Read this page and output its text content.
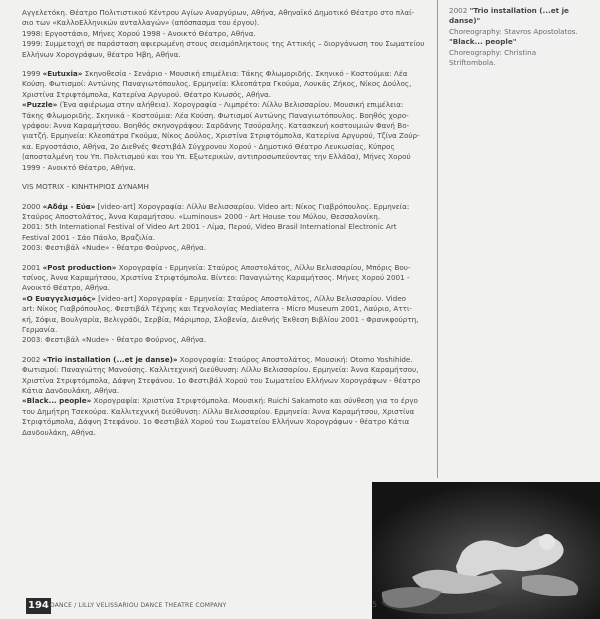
Αγγελετόκη. Θέατρο Πολιτιστικού Κέντρου Αγίων Αναργύρων, Αθήνα, Αθηναϊκό Δημοτικό Θέατρο στο πλαί-
σιο των «ΚαλλοΕλληνικών ανταλλαγών» (απόσπασμα του έργου).
1998: Εργοστάσιο, Μήνες Χορού 1998 - Ανοικτό Θέατρο, Αθήνα.
1999: Συμμετοχή σε παράσταση αφιερωμένη στους σεισμόπληκτους της Αττικής – διοργάνωση του Σωματείου
Ελλήνων Χορογράφων, θέατρο Ήβη, Αθήνα.

1999 «Eutuxia» Σκηνοθεσία - Σενάριο - Μουσική επιμέλεια: Τάκης Φλωμοριδής. Σκηνικό - Κοστούμια: Λέα
Κούση. Φωτισμοί: Αντώνης Παναγιωτόπουλος. Ερμηνεία: Κλεοπάτρα Γκούμα, Λουκάς Ζήκος, Νίκος Δούλος,
Χριστίνα Στριφτόμπολα, Κατερίνα Αργυρού. Θέατρο Κνωσός, Αθήνα.
«Puzzle» (Ένα αφιέρωμα στην αλήθεια). Χορογραφία - Λιμπρέτο: Λίλλυ Βελισσαρίου. Μουσική επιμέλεια:
Τάκης Φλωμοριδής. Σκηνικά - Κοστούμια: Λέα Κούση. Φωτισμοί Αντώνης Παναγιωτόπουλος. Βοηθός χορο-
γράφου: Άννα Καραμήτσου. Βοηθός σκηνογράφου: Σαρδάνης Τσούραλης. Κατασκευή κοστουμιών Φανή Βο-
γιατζή. Ερμηνεία: Κλεοπάτρα Γκούμα, Νίκος Δούλος, Χριστίνα Στριφτόμπολα, Κατερίνα Αργυρού, Τζίνα Ζούρ-
κα. Εργοστάσιο, Αθήνα, 2ο Διεθνές Φεστιβάλ Σύγχρονου Χορού - Δημοτικό Θέατρο Λευκωσίας, Κύπρος
(αποσταλμένη του Υπ. Πολιτισμού και του Υπ. Εξωτερικών, αντιπροσωπεύοντας την Ελλάδα), Μήνες Χορού
1999 - Ανοικτό Θέατρο, Αθήνα.

VIS MOTRIX - ΚΙΝΗΤΗΡΙΟΣ ΔΥΝΑΜΗ

2000 «Αδάμ - Εύα» [video-art] Χορογραφία: Λίλλυ Βελισσαρίου. Video art: Νίκος Γιαβρόπουλος. Ερμηνεία:
Σταύρος Αποστολάτος, Άννα Καραμήτσου. «Luminous» 2000 - Art House του Μύλου, Θεσσαλονίκη.
2001: 5th International Festival of Video Art 2001 - Λίμα, Περού, Video Brasil International Electronic Art
Festival 2001 - Σάο Πάολο, Βραζιλία.
2003: Φεστιβάλ «Nude» - θέατρο Φούρνος, Αθήνα.

2001 «Post production» Χορογραφία - Ερμηνεία: Σταύρος Αποστολάτος, Λίλλυ Βελισσαρίου, Μπόρις Βου-
τσίνος, Άννα Καραμήτσου, Χριστίνα Στριφτόμπολα. Βίντεο: Παναγιώτης Καραμήτσος. Μήνες Χορού 2001 -
Ανοικτό Θέατρο, Αθήνα.
«Ο Ευαγγελισμός» [video-art] Χορογραφία - Ερμηνεία: Σταύρος Αποστολάτος, Λίλλυ Βελισσαρίου. Video
art: Νίκος Γιαβρόπουλος. Φεστιβάλ Τέχνης και Τεχνολογίας Mediaterra - Micro Museum 2001, Λαύριο, Αττι-
κή, Σόφια, Βουλγαρία, Βελιγράδι, Σερβία, Μάριμπορ, Σλοβενία, Διεθνής Έκθεση Βιβλίου 2001 - Φρανκφούρτη,
Γερμανία.
2003: Φεστιβάλ «Nude» - θέατρο Φούρνος, Αθήνα.

2002 «Trio installation (...et je danse)» Χορογραφία: Σταύρος Αποστολάτος. Μουσική: Otomo Yoshihide.
Φωτισμοί: Παναγιώτης Μανούσης. Καλλιτεχνική διεύθυνση: Λίλλυ Βελισσαρίου. Ερμηνεία: Άννα Καραμήτσου,
Χριστίνα Στριφτόμπολα, Δάφνη Στεφάνου. 1ο Φεστιβάλ Χορού του Σωματείου Ελλήνων Χορογράφων - θέατρο
Κάτια Δανδουλάκη, Αθήνα.
«Black... people» Χορογραφία: Χριστίνα Στριφτόμπολα. Μουσική: Ruichi Sakamoto και σύνθεση για το έργο
του Δημήτρη Τσεκούρα. Καλλιτεχνική διεύθυνση: Λίλλυ Βελισσαρίου. Ερμηνεία: Άννα Καραμήτσου, Χριστίνα
Στριφτόμπολα, Δάφνη Στεφάνου. 1ο Φεστιβάλ Χορού του Σωματείου Ελλήνων Χορογράφων - θέατρο Κάτια
Δανδουλάκη, Αθήνα.

2002 "Trio installation (...et je danse)"
Choreography: Stavros Apostolatos.
"Black... people"
Choreography: Christina Striftombola.
194 DANCE / LILLY VELISSARIOU DANCE THEATRE COMPANY	5
